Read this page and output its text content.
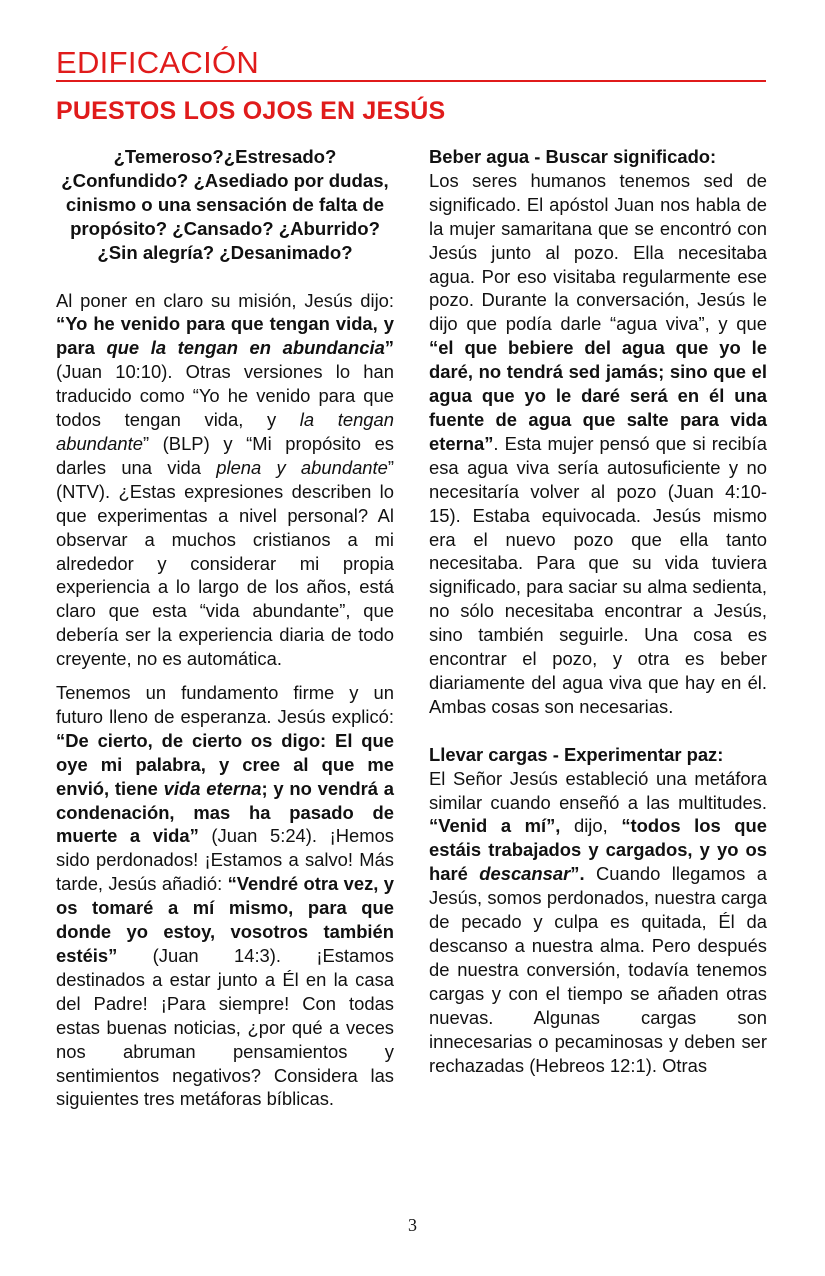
EDIFICACIÓN
PUESTOS LOS OJOS EN JESÚS

¿Temeroso?¿Estresado? ¿Confundido? ¿Asediado por dudas, cinismo o una sensación de falta de propósito? ¿Cansado? ¿Aburrido? ¿Sin alegría? ¿Desanimado?

Al poner en claro su misión, Jesús dijo: “Yo he venido para que tengan vida, y para que la tengan en abundancia” (Juan 10:10). Otras versiones lo han traducido como “Yo he venido para que todos tengan vida, y la tengan abundante” (BLP) y “Mi propósito es darles una vida plena y abundante” (NTV). ¿Estas expresiones describen lo que experimentas a nivel personal? Al observar a muchos cristianos a mi alrededor y considerar mi propia experiencia a lo largo de los años, está claro que esta “vida abundante”, que debería ser la experiencia diaria de todo creyente, no es automática.

Tenemos un fundamento firme y un futuro lleno de esperanza. Jesús explicó: “De cierto, de cierto os digo: El que oye mi palabra, y cree al que me envió, tiene vida eterna; y no vendrá a condenación, mas ha pasado de muerte a vida” (Juan 5:24). ¡Hemos sido perdonados! ¡Estamos a salvo! Más tarde, Jesús añadió: “Vendré otra vez, y os tomaré a mí mismo, para que donde yo estoy, vosotros también estéis” (Juan 14:3). ¡Estamos destinados a estar junto a Él en la casa del Padre! ¡Para siempre! Con todas estas buenas noticias, ¿por qué a veces nos abruman pensamientos y sentimientos negativos? Considera las siguientes tres metáforas bíblicas.

Beber agua - Buscar significado:
Los seres humanos tenemos sed de significado. El apóstol Juan nos habla de la mujer samaritana que se encontró con Jesús junto al pozo. Ella necesitaba agua. Por eso visitaba regularmente ese pozo. Durante la conversación, Jesús le dijo que podía darle “agua viva”, y que “el que bebiere del agua que yo le daré, no tendrá sed jamás; sino que el agua que yo le daré será en él una fuente de agua que salte para vida eterna”. Esta mujer pensó que si recibía esa agua viva sería autosuficiente y no necesitaría volver al pozo (Juan 4:10-15). Estaba equivocada. Jesús mismo era el nuevo pozo que ella tanto necesitaba. Para que su vida tuviera significado, para saciar su alma sedienta, no sólo necesitaba encontrar a Jesús, sino también seguirle. Una cosa es encontrar el pozo, y otra es beber diariamente del agua viva que hay en él. Ambas cosas son necesarias.

Llevar cargas - Experimentar paz:
El Señor Jesús estableció una metáfora similar cuando enseñó a las multitudes. “Venid a mí”, dijo, “todos los que estáis trabajados y cargados, y yo os haré descansar”. Cuando llegamos a Jesús, somos perdonados, nuestra carga de pecado y culpa es quitada, Él da descanso a nuestra alma. Pero después de nuestra conversión, todavía tenemos cargas y con el tiempo se añaden otras nuevas. Algunas cargas son innecesarias o pecaminosas y deben ser rechazadas (Hebreos 12:1). Otras

3
